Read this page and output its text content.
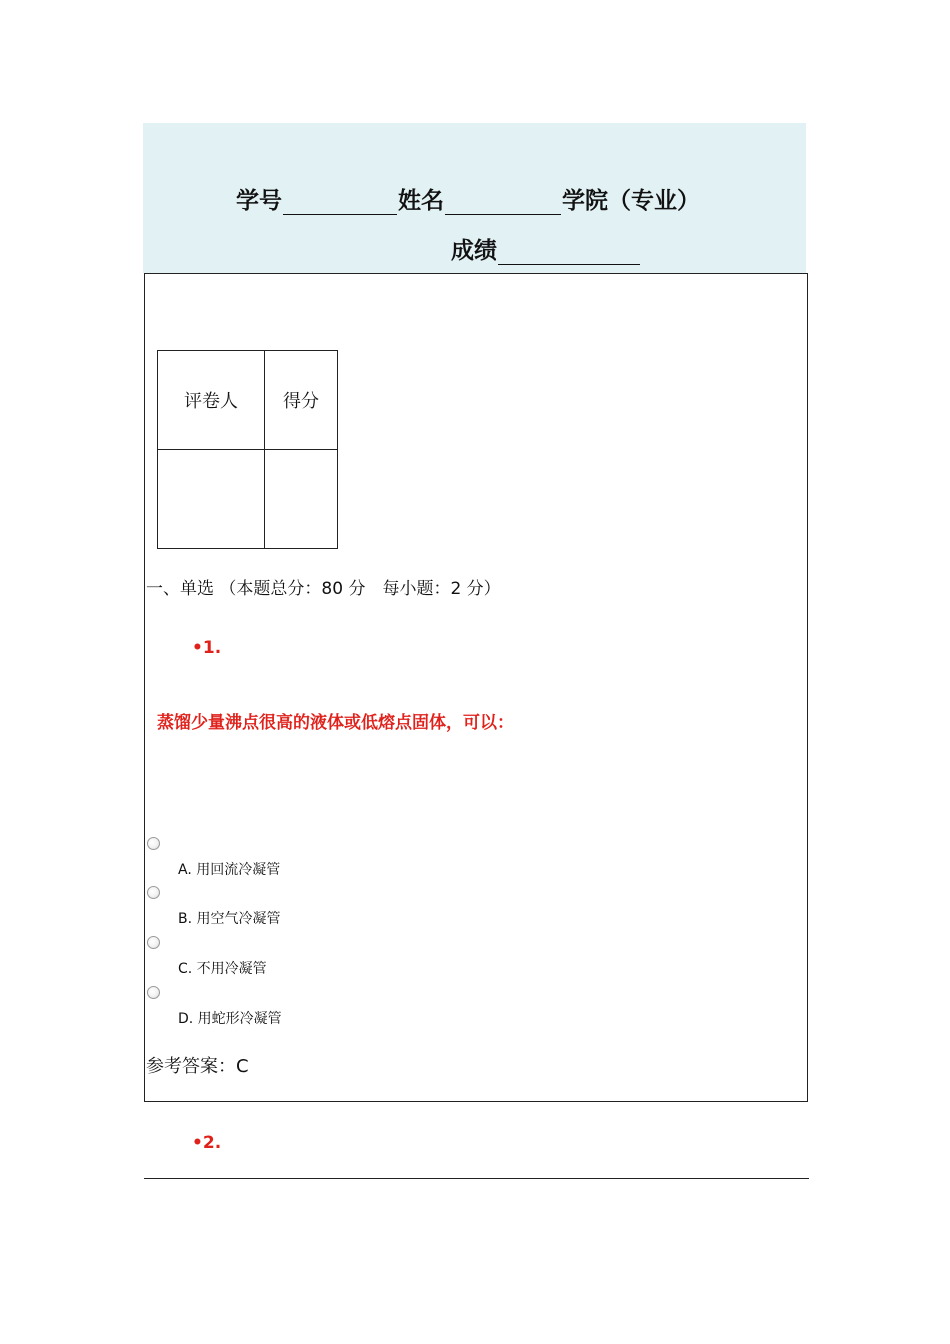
学号	姓名	学院（专业）
成绩
评卷人	得分

一、单选 （本题总分：80 分　每小题：2 分）
•1.
蒸馏少量沸点很高的液体或低熔点固体，可以：
A. 用回流冷凝管
B. 用空气冷凝管
C. 不用冷凝管
D. 用蛇形冷凝管
参考答案：C
•2.
